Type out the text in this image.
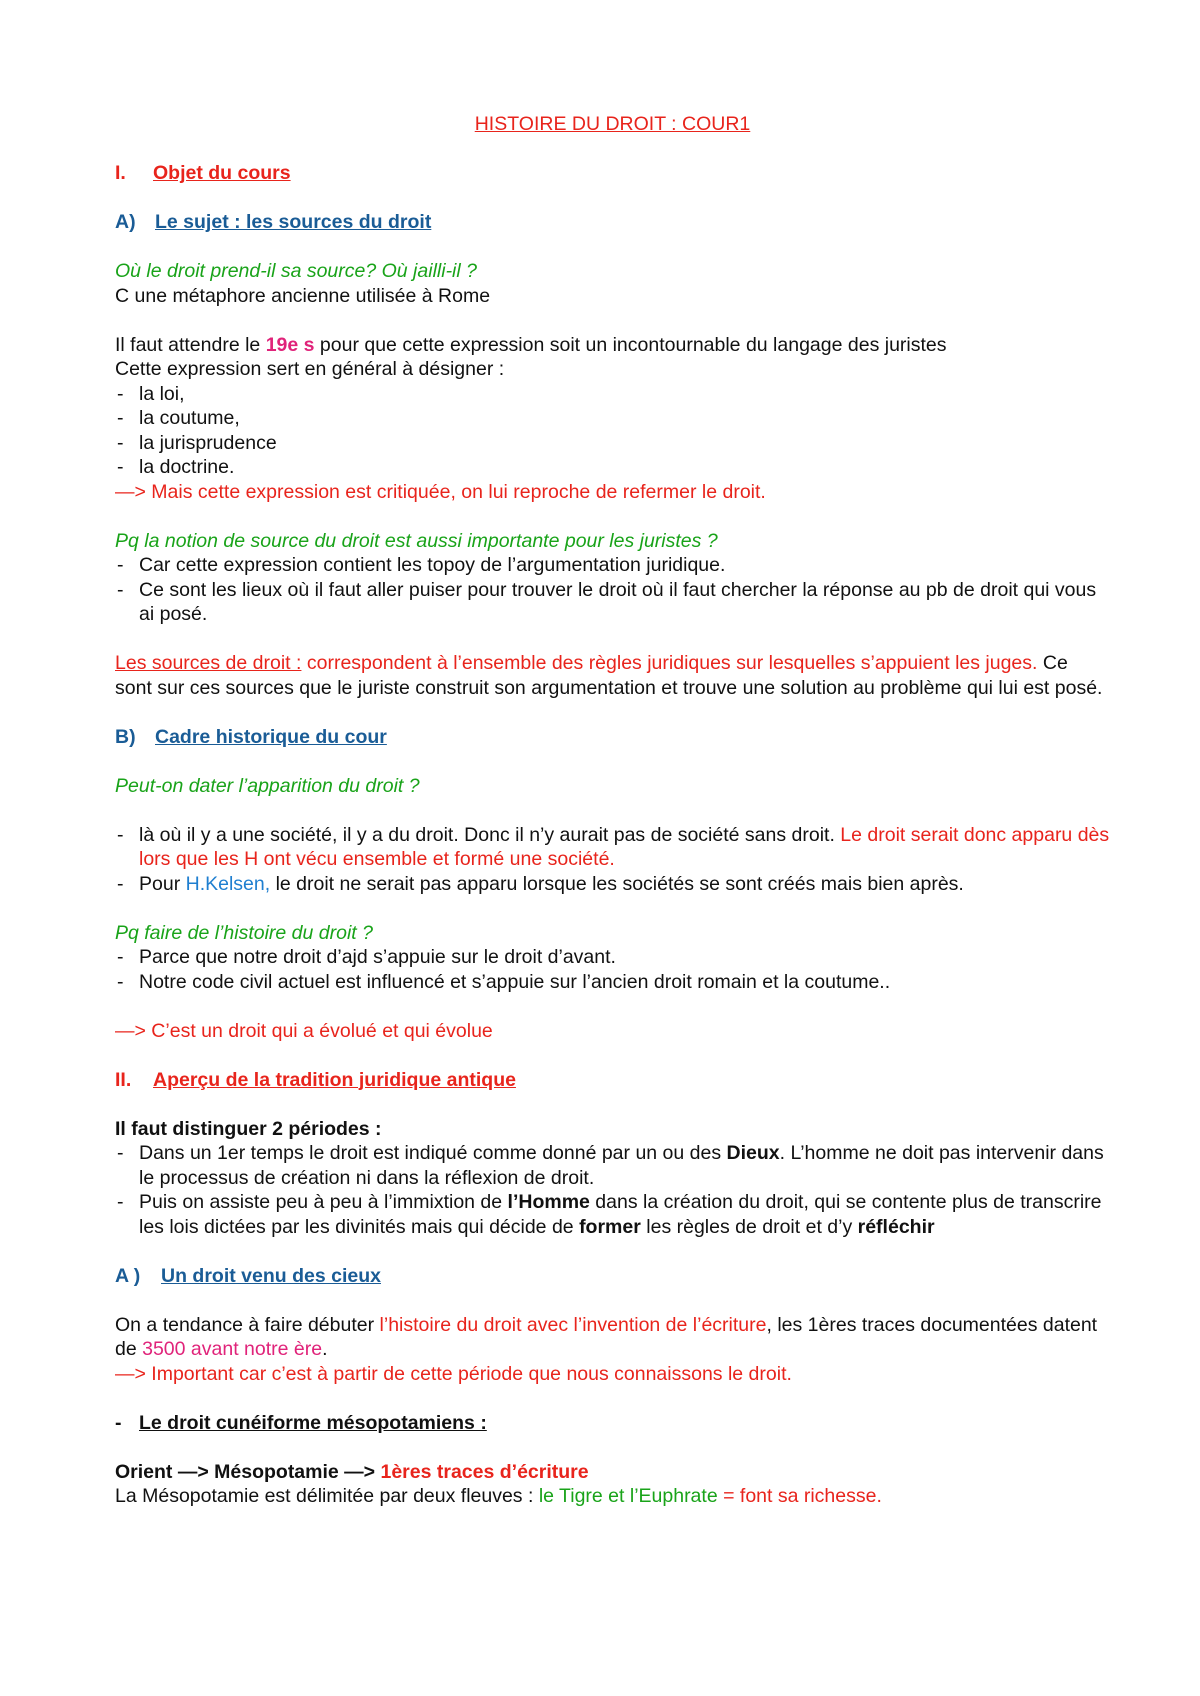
HISTOIRE DU DROIT : COUR1

I.	Objet du cours
A) Le sujet : les sources du droit

Où le droit prend-il sa source? Où jailli-il ?

C une métaphore ancienne utilisée à Rome

Il faut attendre le 19e s pour que cette expression soit un incontournable du langage des juristes

Cette expression sert en général à désigner :

- la loi,
- la coutume,
- la jurisprudence
- la doctrine.

—> Mais cette expression est critiquée, on lui reproche de refermer le droit.

Pq la notion de source du droit est aussi importante pour les juristes ?

- Car cette expression contient les topoy de l’argumentation juridique.
- Ce sont les lieux où il faut aller puiser pour trouver le droit où il faut chercher la réponse au pb de droit qui vous ai posé.

Les sources de droit : correspondent à l’ensemble des règles juridiques sur lesquelles s’appuient les juges. Ce sont sur ces sources que le juriste construit son argumentation et trouve une solution au problème qui lui est posé.

B) Cadre historique du cour

Peut-on dater l’apparition du droit ?

- là où il y a une société, il y a du droit. Donc il n’y aurait pas de société sans droit. Le droit serait donc apparu dès lors que les H ont vécu ensemble et formé une société.
- Pour H.Kelsen, le droit ne serait pas apparu lorsque les sociétés se sont créés mais bien après.

Pq faire de l’histoire du droit ?

- Parce que notre droit d’ajd s’appuie sur le droit d’avant.
- Notre code civil actuel est influencé et s’appuie sur l’ancien droit romain et la coutume..

—> C’est un droit qui a évolué et qui évolue

II.	Aperçu de la tradition juridique antique

Il faut distinguer 2 périodes :

- Dans un 1er temps le droit est indiqué comme donné par un ou des Dieux. L’homme ne doit pas intervenir dans le processus de création ni dans la réflexion de droit.
- Puis on assiste peu à peu à l’immixtion de l’Homme dans la création du droit, qui se contente plus de transcrire les lois dictées par les divinités mais qui décide de former les règles de droit et d’y réfléchir
A )	Un droit venu des cieux

On a tendance à faire débuter l’histoire du droit avec l’invention de l’écriture, les 1ères traces documentées datent de 3500 avant notre ère.

—> Important car c’est à partir de cette période que nous connaissons le droit.

- Le droit cunéiforme mésopotamiens :

Orient —> Mésopotamie —> 1ères traces d’écriture

La Mésopotamie est délimitée par deux fleuves : le Tigre et l’Euphrate = font sa richesse.
